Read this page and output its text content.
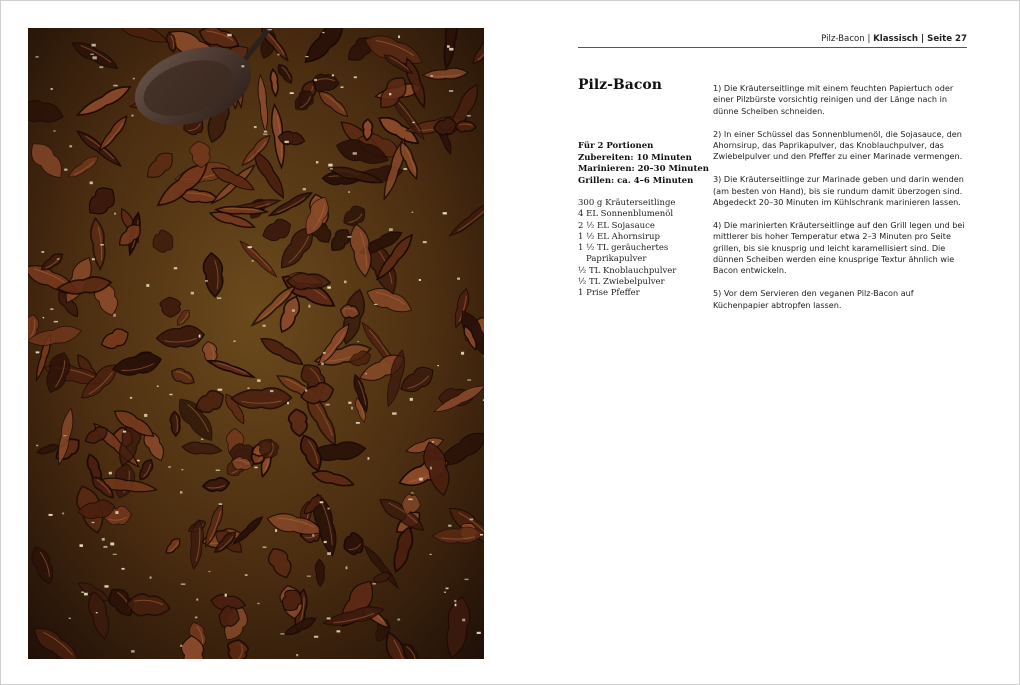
Pilz-Bacon | Klassisch | Seite 27
Pilz-Bacon
Für 2 Portionen
Zubereiten: 10 Minuten
Marinieren: 20–30 Minuten
Grillen: ca. 4–6 Minuten
300 g Kräuterseitlinge
4 EL Sonnenblumenöl
2 ½ EL Sojasauce
1 ½ EL Ahornsirup
1 ½ TL geräuchertes
Paprikapulver
½ TL Knoblauchpulver
½ TL Zwiebelpulver
1 Prise Pfeffer

1) Die Kräuterseitlinge mit einem feuchten Papiertuch oder einer Pilzbürste vorsichtig reinigen und der Länge nach in dünne Scheiben schneiden.

2) In einer Schüssel das Sonnenblumenöl, die Sojasauce, den Ahornsirup, das Paprikapulver, das Knoblauchpulver, das Zwiebelpulver und den Pfeffer zu einer Marinade vermengen.

3) Die Kräuterseitlinge zur Marinade geben und darin wenden (am besten von Hand), bis sie rundum damit überzogen sind. Abgedeckt 20–30 Minuten im Kühlschrank marinieren lassen.

4) Die marinierten Kräuterseitlinge auf den Grill legen und bei mittlerer bis hoher Temperatur etwa 2–3 Minuten pro Seite grillen, bis sie knusprig und leicht karamellisiert sind. Die dünnen Scheiben werden eine knusprige Textur ähnlich wie Bacon entwickeln.

5) Vor dem Servieren den veganen Pilz-Bacon auf Küchenpapier abtropfen lassen.
